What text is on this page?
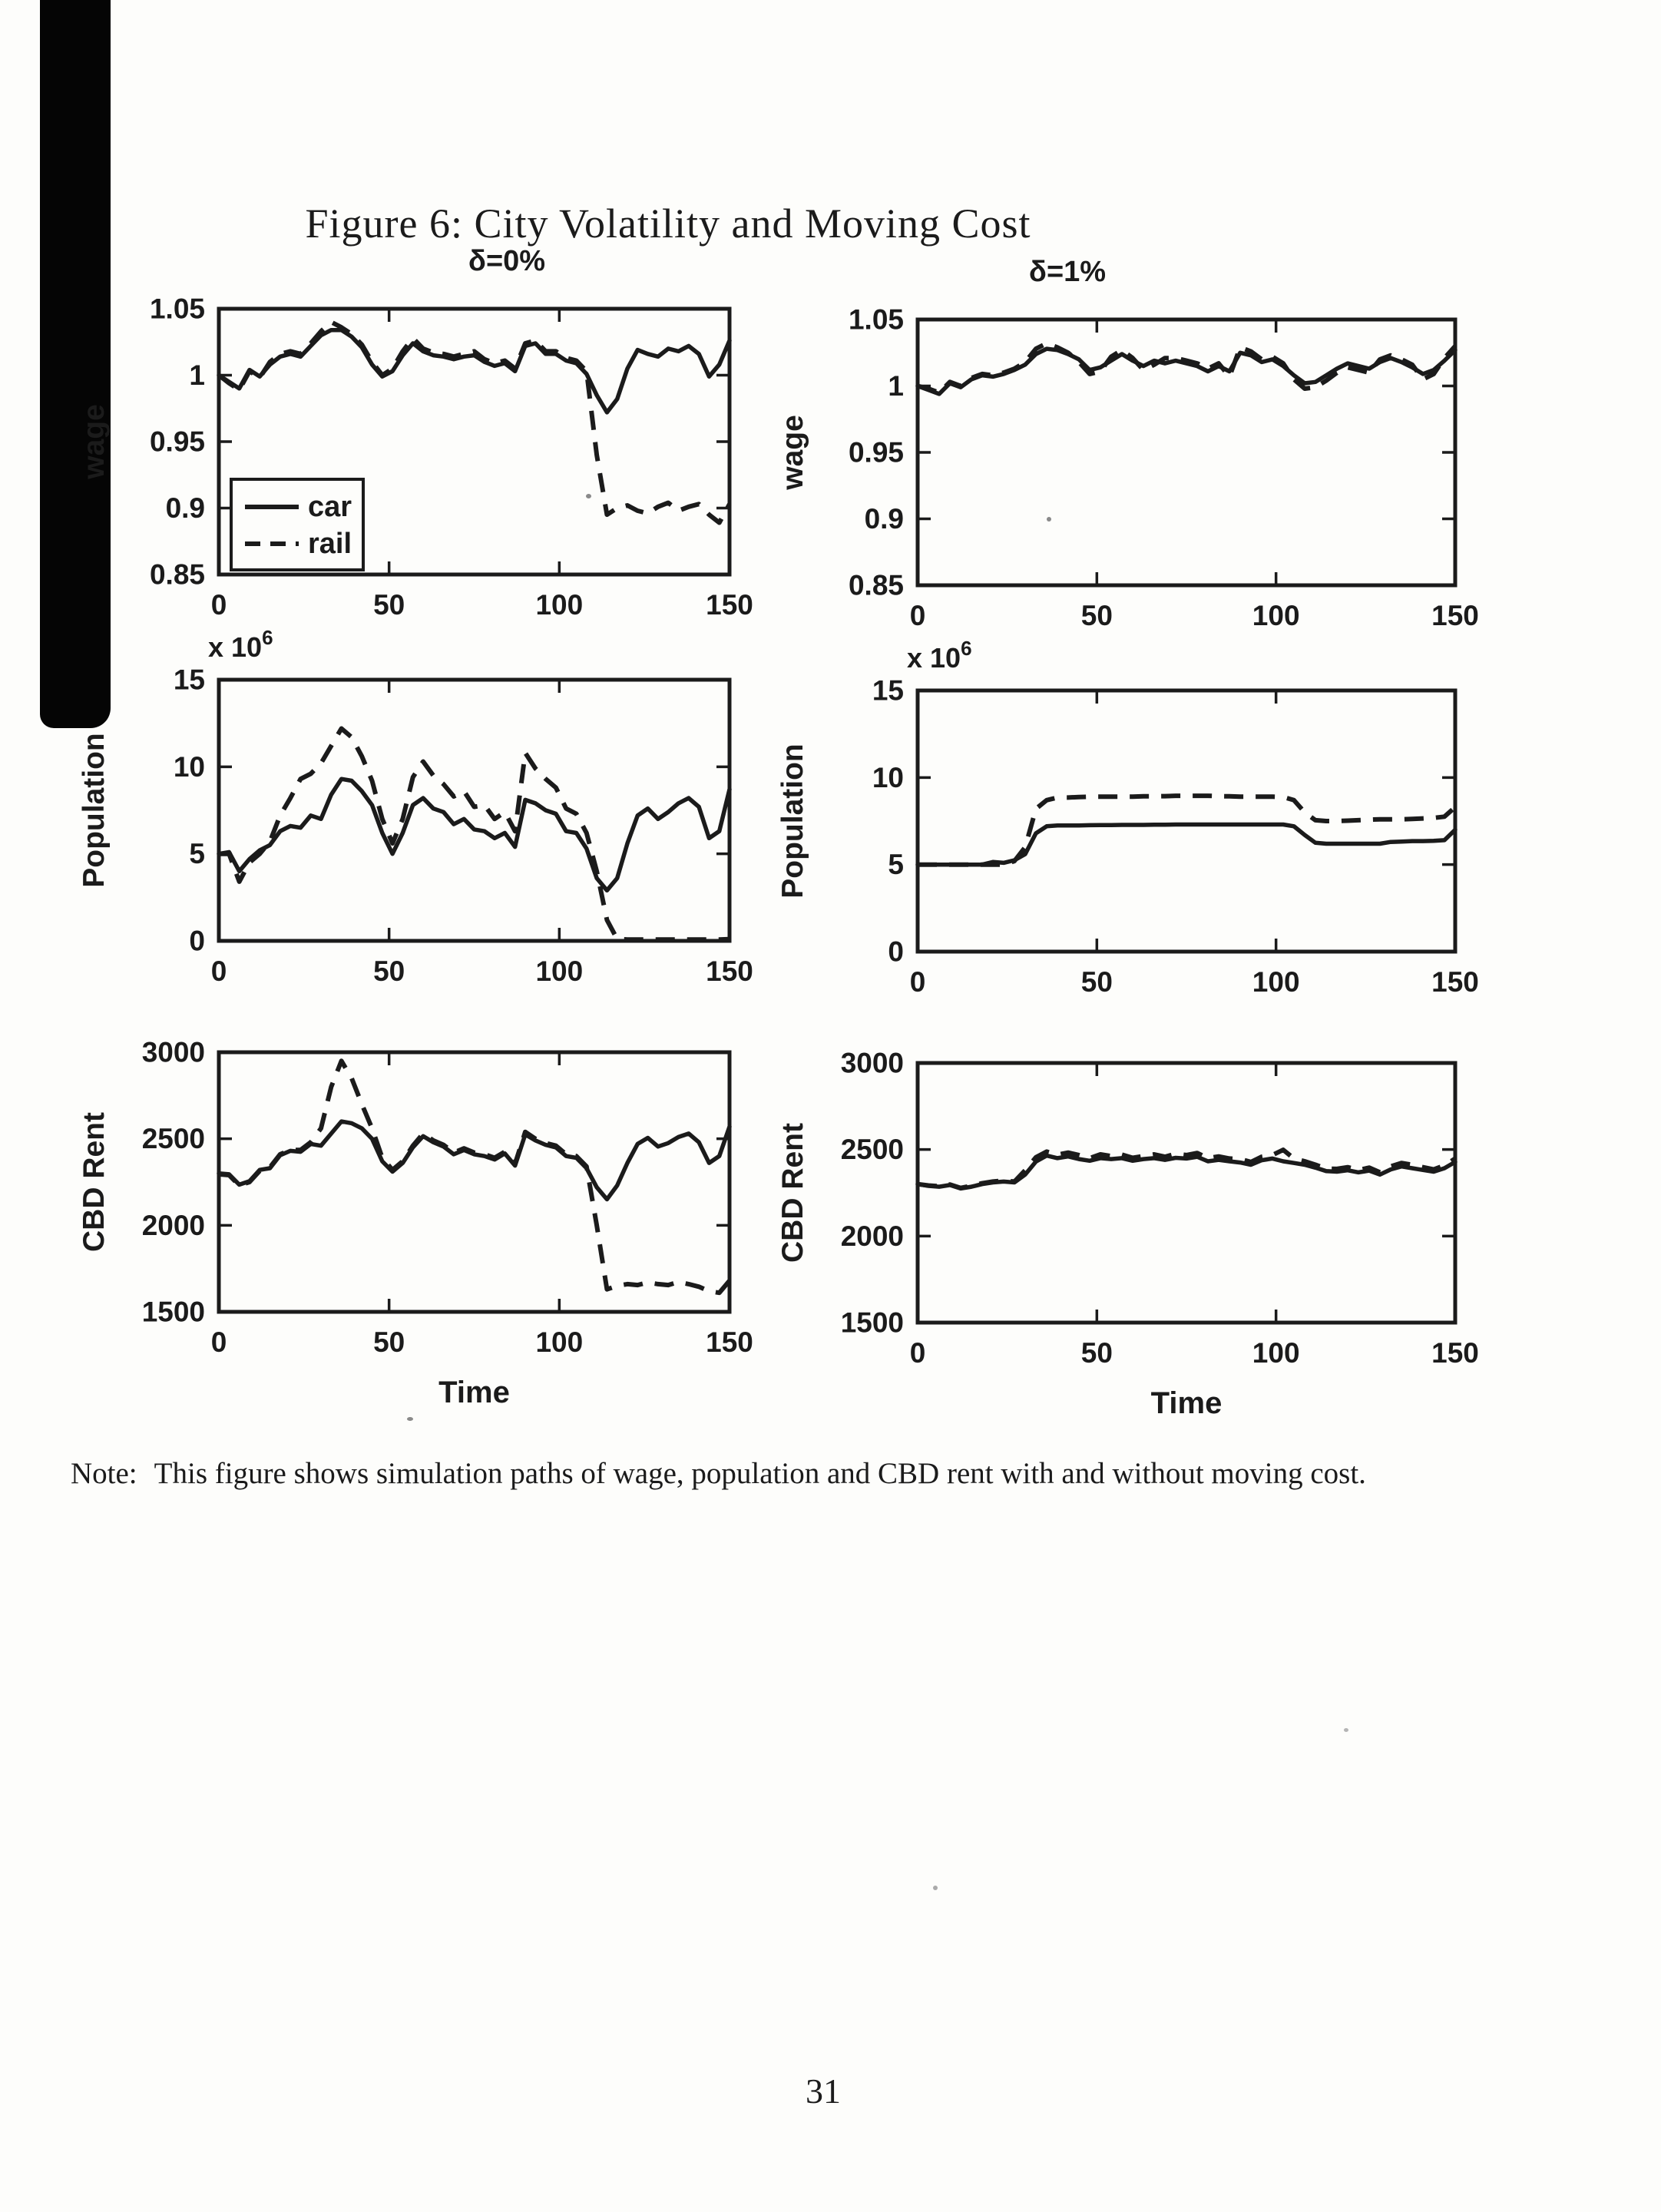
Figure 6: City Volatility and Moving Cost
0	50	100	150
0.85
0.9
0.95
1
1.05
wage
δ=0%
car
rail
0	50	100	150
0.85
0.9
0.95
1
1.05
wage
δ=1%
0	50	100	150
0
5
10
15
Population
x $10^6$
0	50	100	150
0
5
10
15
Population
x $10^6$
0	50	100	150
1500
2000
2500
3000
CBD Rent
Time
0	50	100	150
1500
2000
2500
3000
CBD Rent
Time
Note: This figure shows simulation paths of wage, population and CBD rent with and without moving cost.
31
